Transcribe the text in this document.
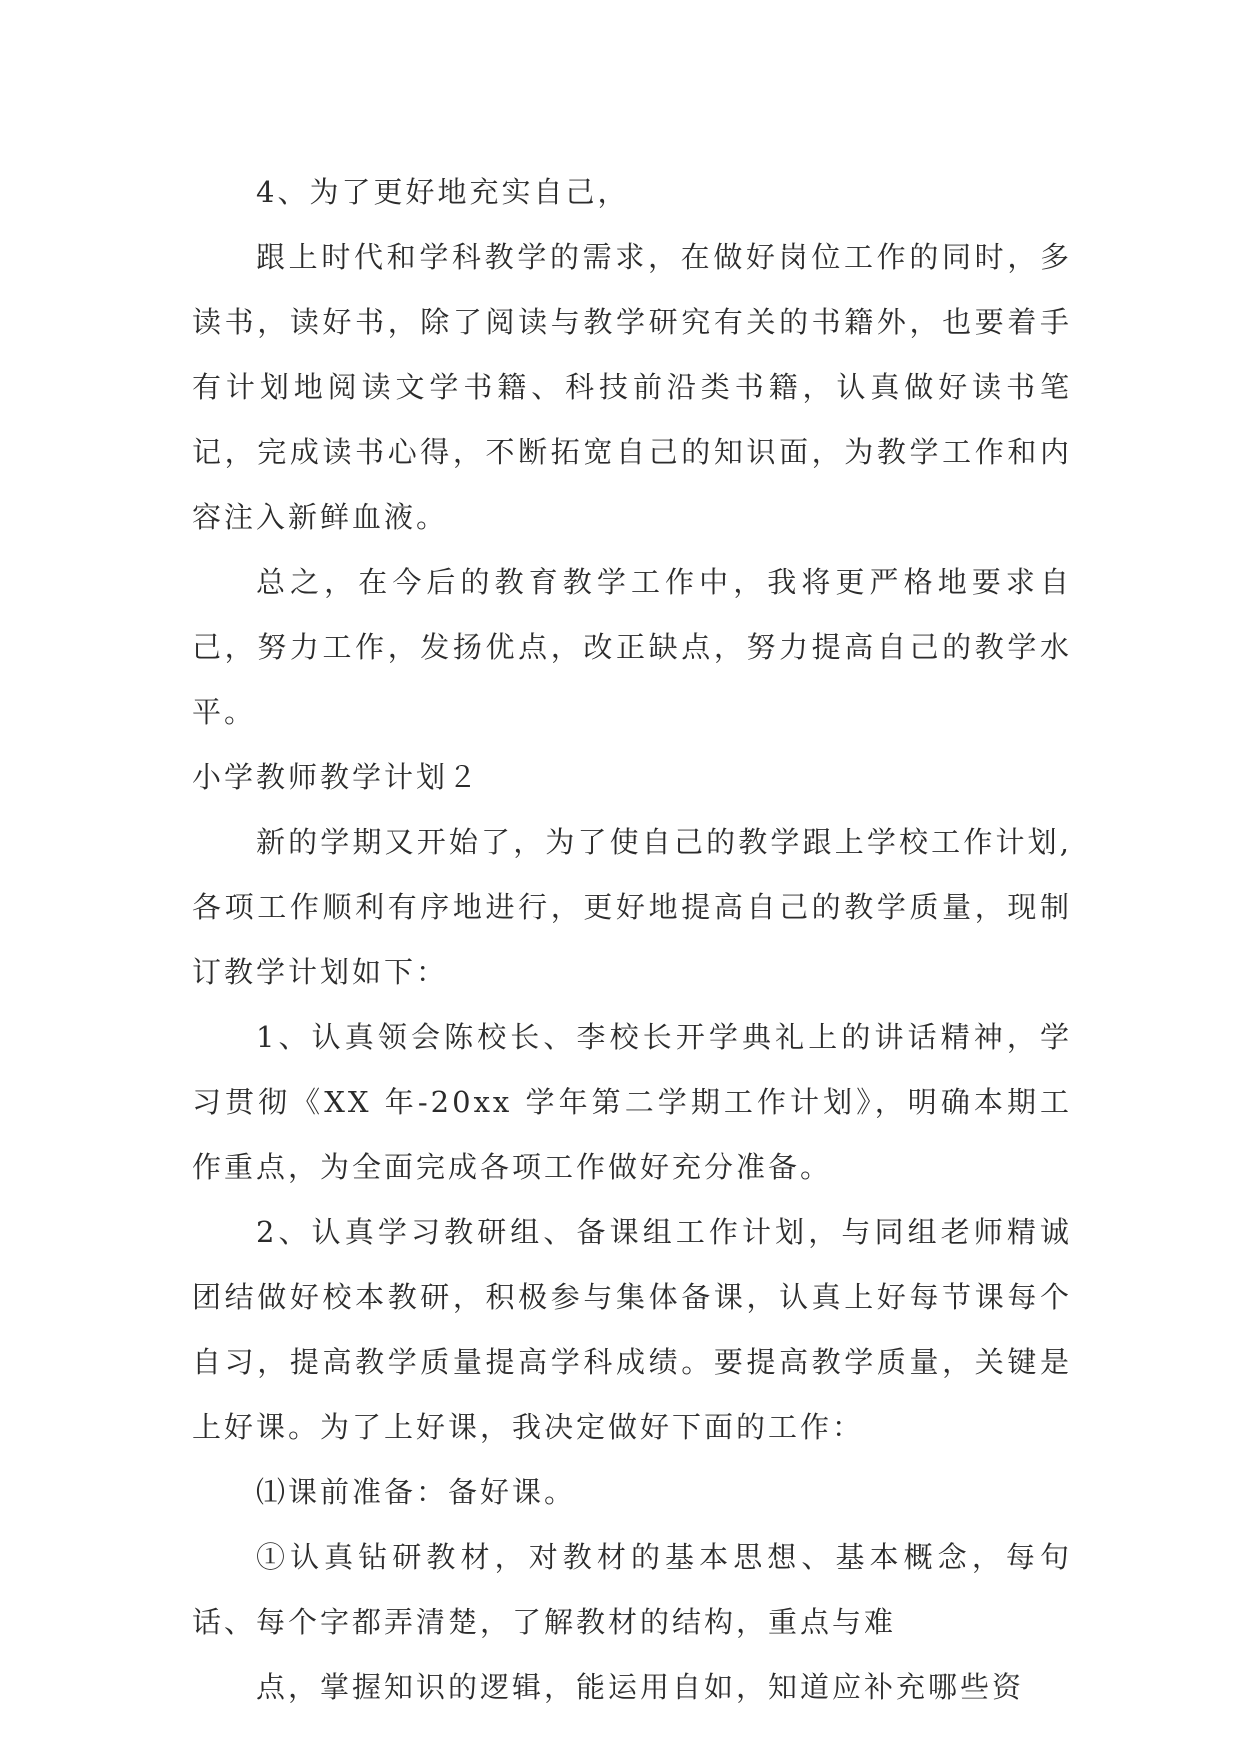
4、为了更好地充实自己，

跟上时代和学科教学的需求，在做好岗位工作的同时，多读书，读好书，除了阅读与教学研究有关的书籍外，也要着手有计划地阅读文学书籍、科技前沿类书籍，认真做好读书笔记，完成读书心得，不断拓宽自己的知识面，为教学工作和内容注入新鲜血液。

总之，在今后的教育教学工作中，我将更严格地要求自己，努力工作，发扬优点，改正缺点，努力提高自己的教学水平。

小学教师教学计划２

新的学期又开始了，为了使自己的教学跟上学校工作计划,各项工作顺利有序地进行，更好地提高自己的教学质量，现制订教学计划如下：

1、认真领会陈校长、李校长开学典礼上的讲话精神，学习贯彻《XX 年-20xx 学年第二学期工作计划》，明确本期工作重点，为全面完成各项工作做好充分准备。

2、认真学习教研组、备课组工作计划，与同组老师精诚团结做好校本教研，积极参与集体备课，认真上好每节课每个自习，提高教学质量提高学科成绩。要提高教学质量，关键是上好课。为了上好课，我决定做好下面的工作：

⑴课前准备：备好课。

①认真钻研教材，对教材的基本思想、基本概念，每句话、每个字都弄清楚，了解教材的结构，重点与难

点，掌握知识的逻辑，能运用自如，知道应补充哪些资
